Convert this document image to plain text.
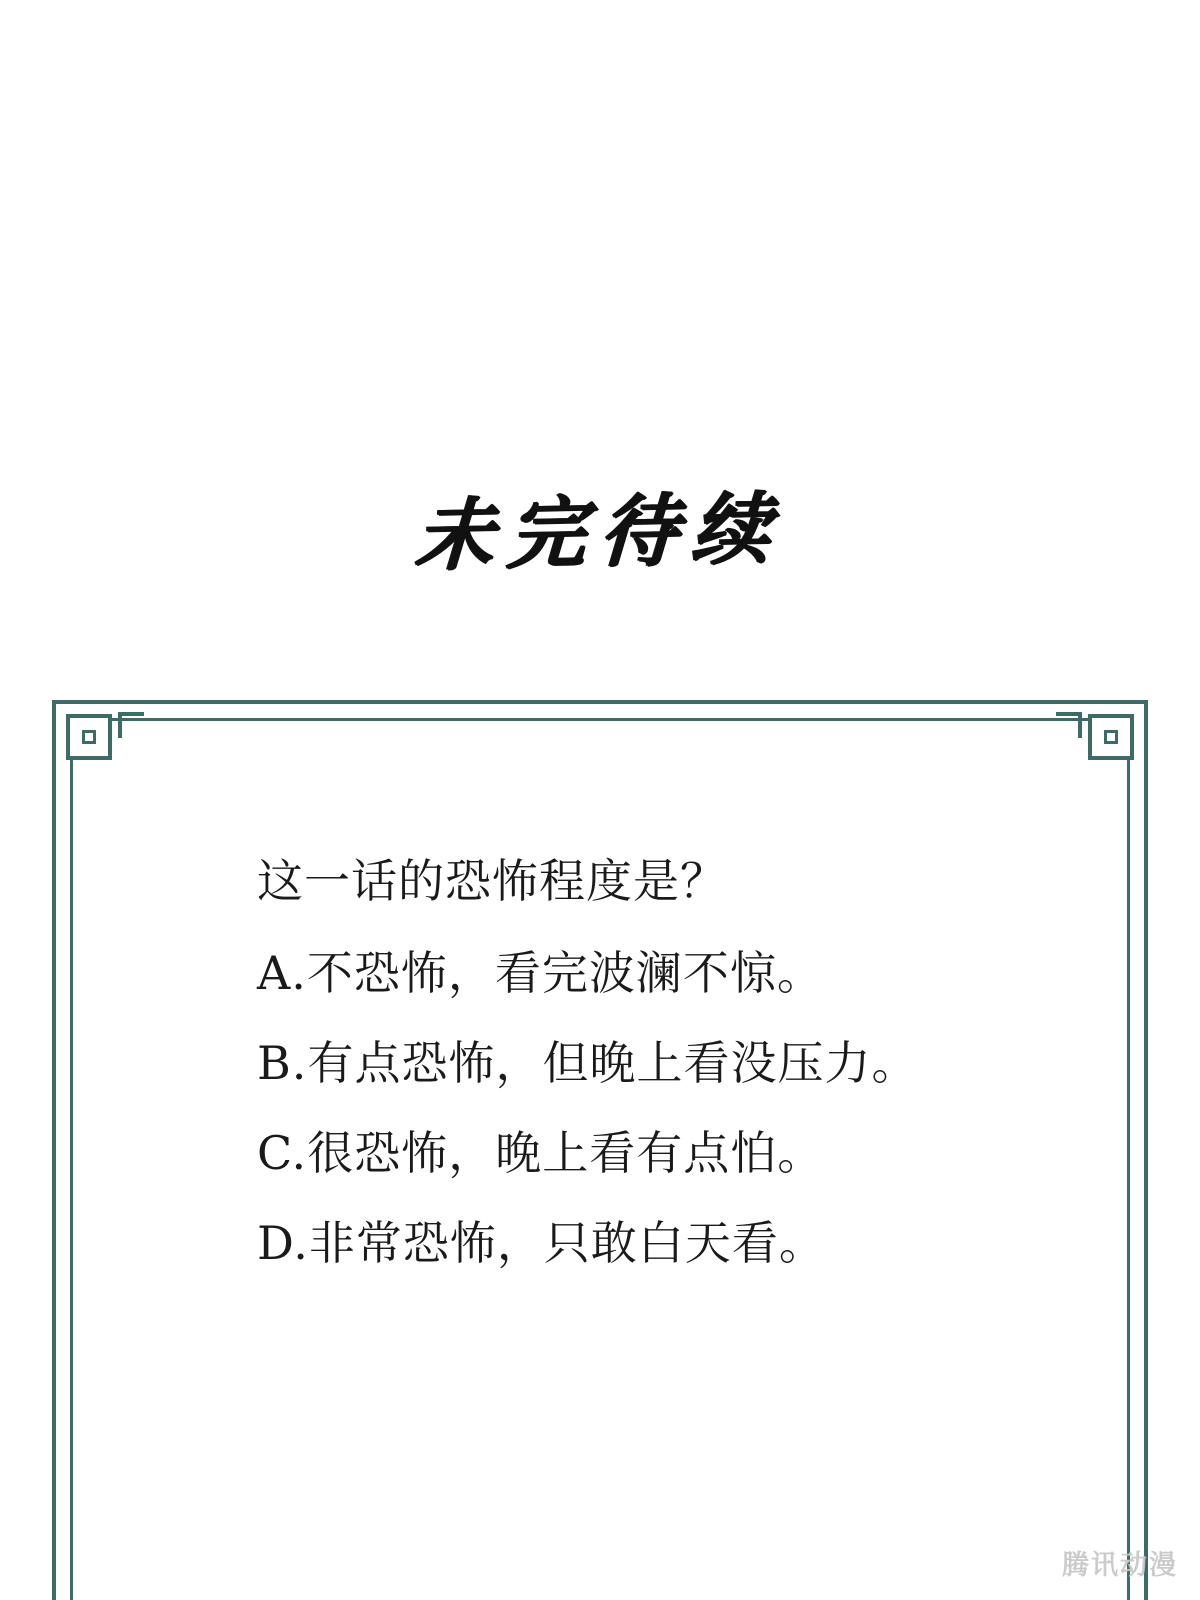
未完待续
这一话的恐怖程度是？
A.不恐怖，看完波澜不惊。
B.有点恐怖，但晚上看没压力。
C.很恐怖，晚上看有点怕。
D.非常恐怖，只敢白天看。
腾讯动漫
